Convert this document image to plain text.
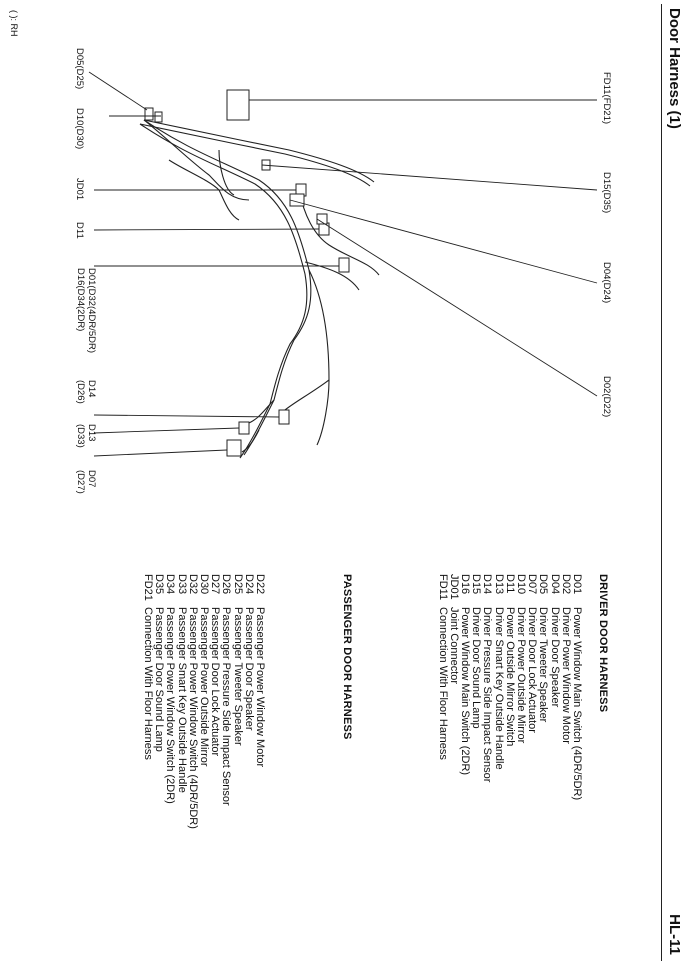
Door Harness (1)
HL-11
( ): RH
D05(D25)
D10(D30)
JD01
D11
D01(D32(4DR/5DR)
D16(D34(2DR)
D14
(D26)
D13
(D33)
D07
(D27)
FD11(FD21)
D15(D35)
D04(D24)
D02(D22)
DRIVER DOOR HARNESS
D01
Power Window Main Switch (4DR/5DR)
D02
Driver Power Window Motor
D04
Driver Door Speaker
D05
Driver Tweeter Speaker
D07
Driver Door Lock Actuator
D10
Driver Power Outside Mirror
D11
Power Outside Mirror Switch
D13
Driver Smart Key Outside Handle
D14
Driver Pressure Side Impact Sensor
D15
Driver Door Sound Lamp
D16
Power Window Main Switch (2DR)
JD01
Joint Connector
FD11
Connection With Floor Harness
PASSENGER DOOR HARNESS
D22
Passenger Power Window Motor
D24
Passenger Door Speaker
D25
Passenger Tweeter Speaker
D26
Passenger Pressure Side Impact Sensor
D27
Passenger Door Lock Actuator
D30
Passenger Power Outside Mirror
D32
Passenger Power Window Switch (4DR/5DR)
D33
Passenger Smart Key Outside Handle
D34
Passenger Power Window Switch (2DR)
D35
Passenger Door Sound Lamp
FD21
Connection With Floor Harness
